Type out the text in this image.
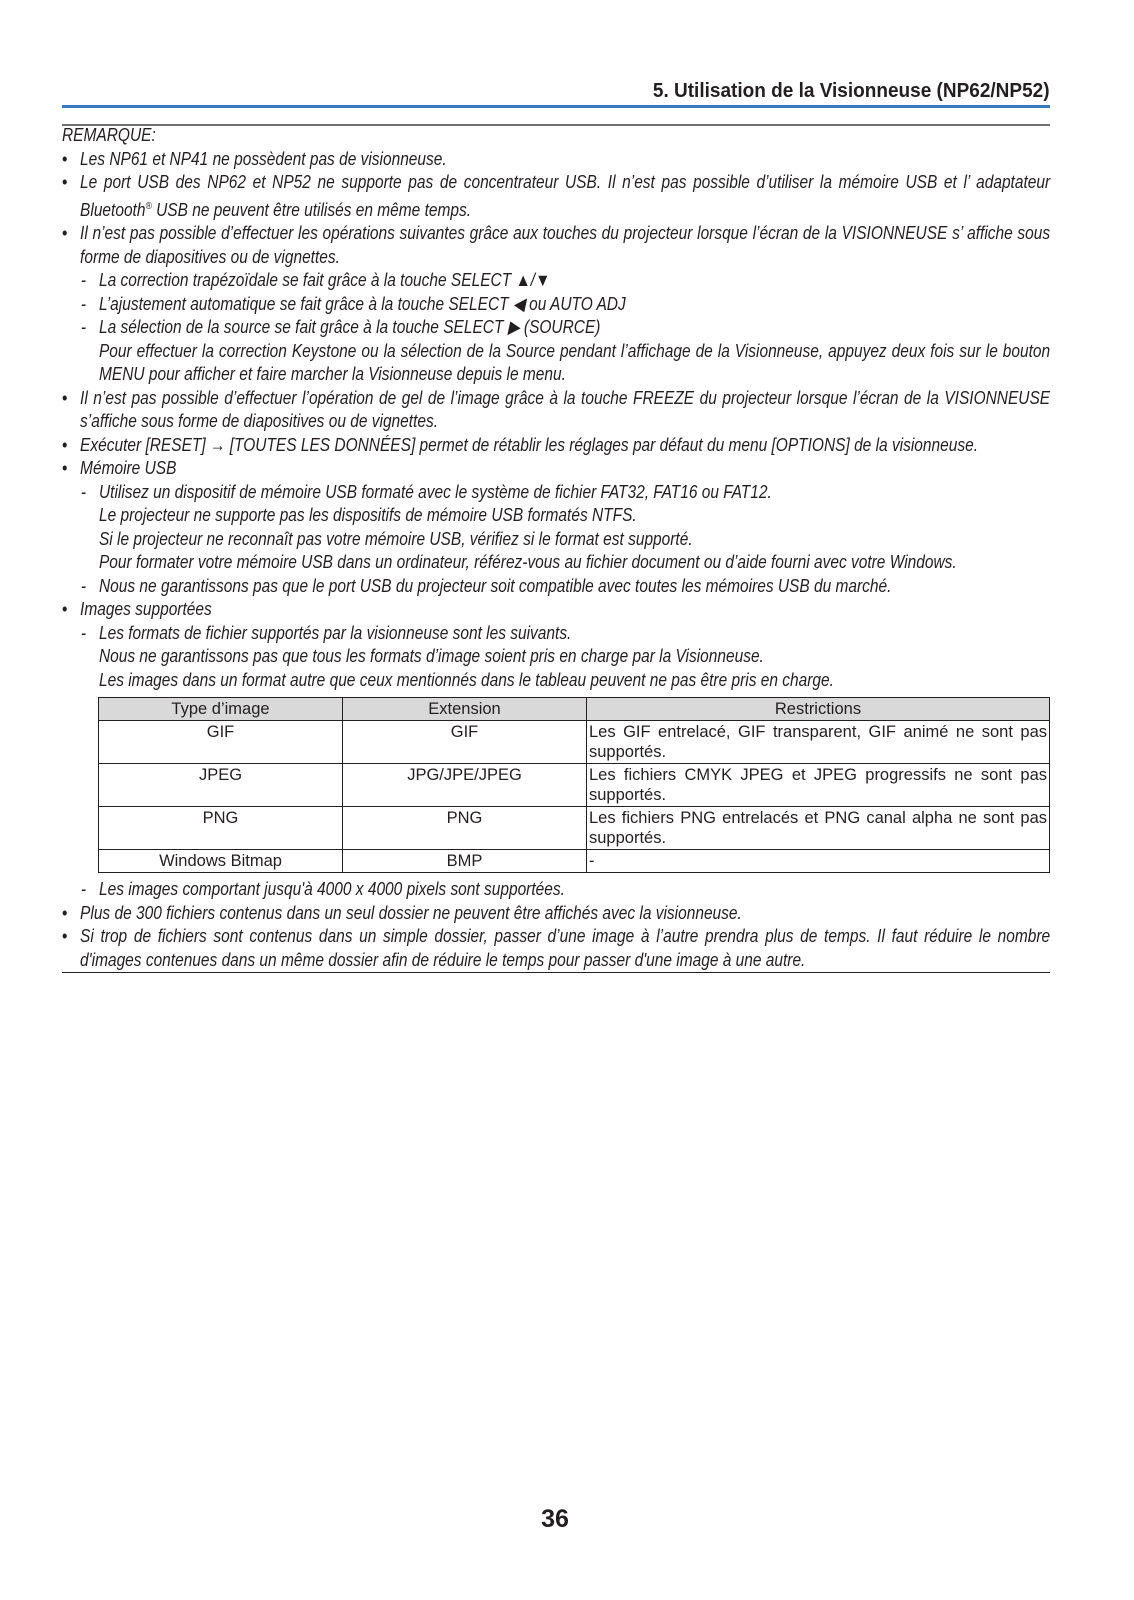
5. Utilisation de la Visionneuse (NP62/NP52)

REMARQUE:

• Les NP61 et NP41 ne possèdent pas de visionneuse.

• Le port USB des NP62 et NP52 ne supporte pas de concentrateur USB. Il n’est pas possible d’utiliser la mémoire USB et l’ adaptateur Bluetooth® USB ne peuvent être utilisés en même temps.

• Il n’est pas possible d’effectuer les opérations suivantes grâce aux touches du projecteur lorsque l’écran de la VISIONNEUSE s’ affiche sous forme de diapositives ou de vignettes.

- La correction trapézoïdale se fait grâce à la touche SELECT ▲/▼

- L’ajustement automatique se fait grâce à la touche SELECT ◀ ou AUTO ADJ

- La sélection de la source se fait grâce à la touche SELECT ▶ (SOURCE)

Pour effectuer la correction Keystone ou la sélection de la Source pendant l’affichage de la Visionneuse, appuyez deux fois sur le bouton MENU pour afficher et faire marcher la Visionneuse depuis le menu.

• Il n’est pas possible d’effectuer l’opération de gel de l’image grâce à la touche FREEZE du projecteur lorsque l’écran de la VISIONNEUSE s’affiche sous forme de diapositives ou de vignettes.

• Exécuter [RESET] → [TOUTES LES DONNÉES] permet de rétablir les réglages par défaut du menu [OPTIONS] de la visionneuse.

• Mémoire USB

- Utilisez un dispositif de mémoire USB formaté avec le système de fichier FAT32, FAT16 ou FAT12.

Le projecteur ne supporte pas les dispositifs de mémoire USB formatés NTFS.

Si le projecteur ne reconnaît pas votre mémoire USB, vérifiez si le format est supporté.

Pour formater votre mémoire USB dans un ordinateur, référez-vous au fichier document ou d’aide fourni avec votre Windows.

- Nous ne garantissons pas que le port USB du projecteur soit compatible avec toutes les mémoires USB du marché.

• Images supportées

- Les formats de fichier supportés par la visionneuse sont les suivants.

Nous ne garantissons pas que tous les formats d’image soient pris en charge par la Visionneuse.

Les images dans un format autre que ceux mentionnés dans le tableau peuvent ne pas être pris en charge.

Type d’image	Extension	Restrictions
GIF	GIF	Les GIF entrelacé, GIF transparent, GIF animé ne sont pas supportés.
JPEG	JPG/JPE/JPEG	Les fichiers CMYK JPEG et JPEG progressifs ne sont pas supportés.
PNG	PNG	Les fichiers PNG entrelacés et PNG canal alpha ne sont pas supportés.
Windows Bitmap	BMP	-

- Les images comportant jusqu'à 4000 x 4000 pixels sont supportées.

• Plus de 300 fichiers contenus dans un seul dossier ne peuvent être affichés avec la visionneuse.

• Si trop de fichiers sont contenus dans un simple dossier, passer d’une image à l’autre prendra plus de temps. Il faut réduire le nombre d'images contenues dans un même dossier afin de réduire le temps pour passer d'une image à une autre.

36
